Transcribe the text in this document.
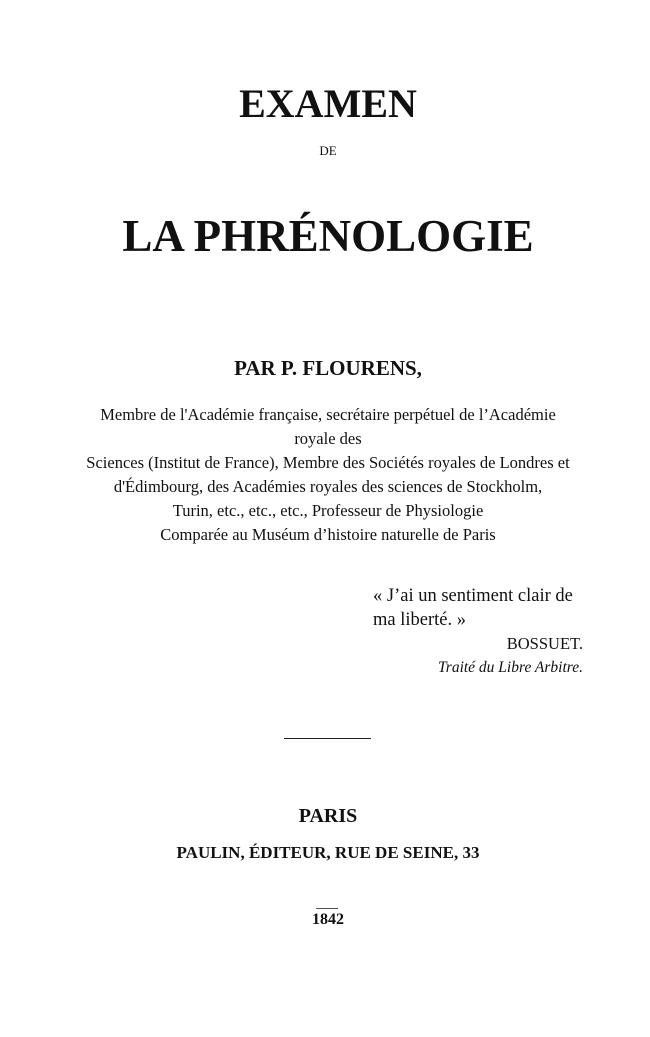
EXAMEN
DE
LA PHRÉNOLOGIE
PAR P. FLOURENS,
Membre de l'Académie française, secrétaire perpétuel de l’Académie
royale des
Sciences (Institut de France), Membre des Sociétés royales de Londres et
d'Édimbourg, des Académies royales des sciences de Stockholm,
Turin, etc., etc., etc., Professeur de Physiologie
Comparée au Muséum d’histoire naturelle de Paris
« J’ai un sentiment clair de
ma liberté. »
BOSSUET.
Traité du Libre Arbitre.
PARIS
PAULIN, ÉDITEUR, RUE DE SEINE, 33
1842
